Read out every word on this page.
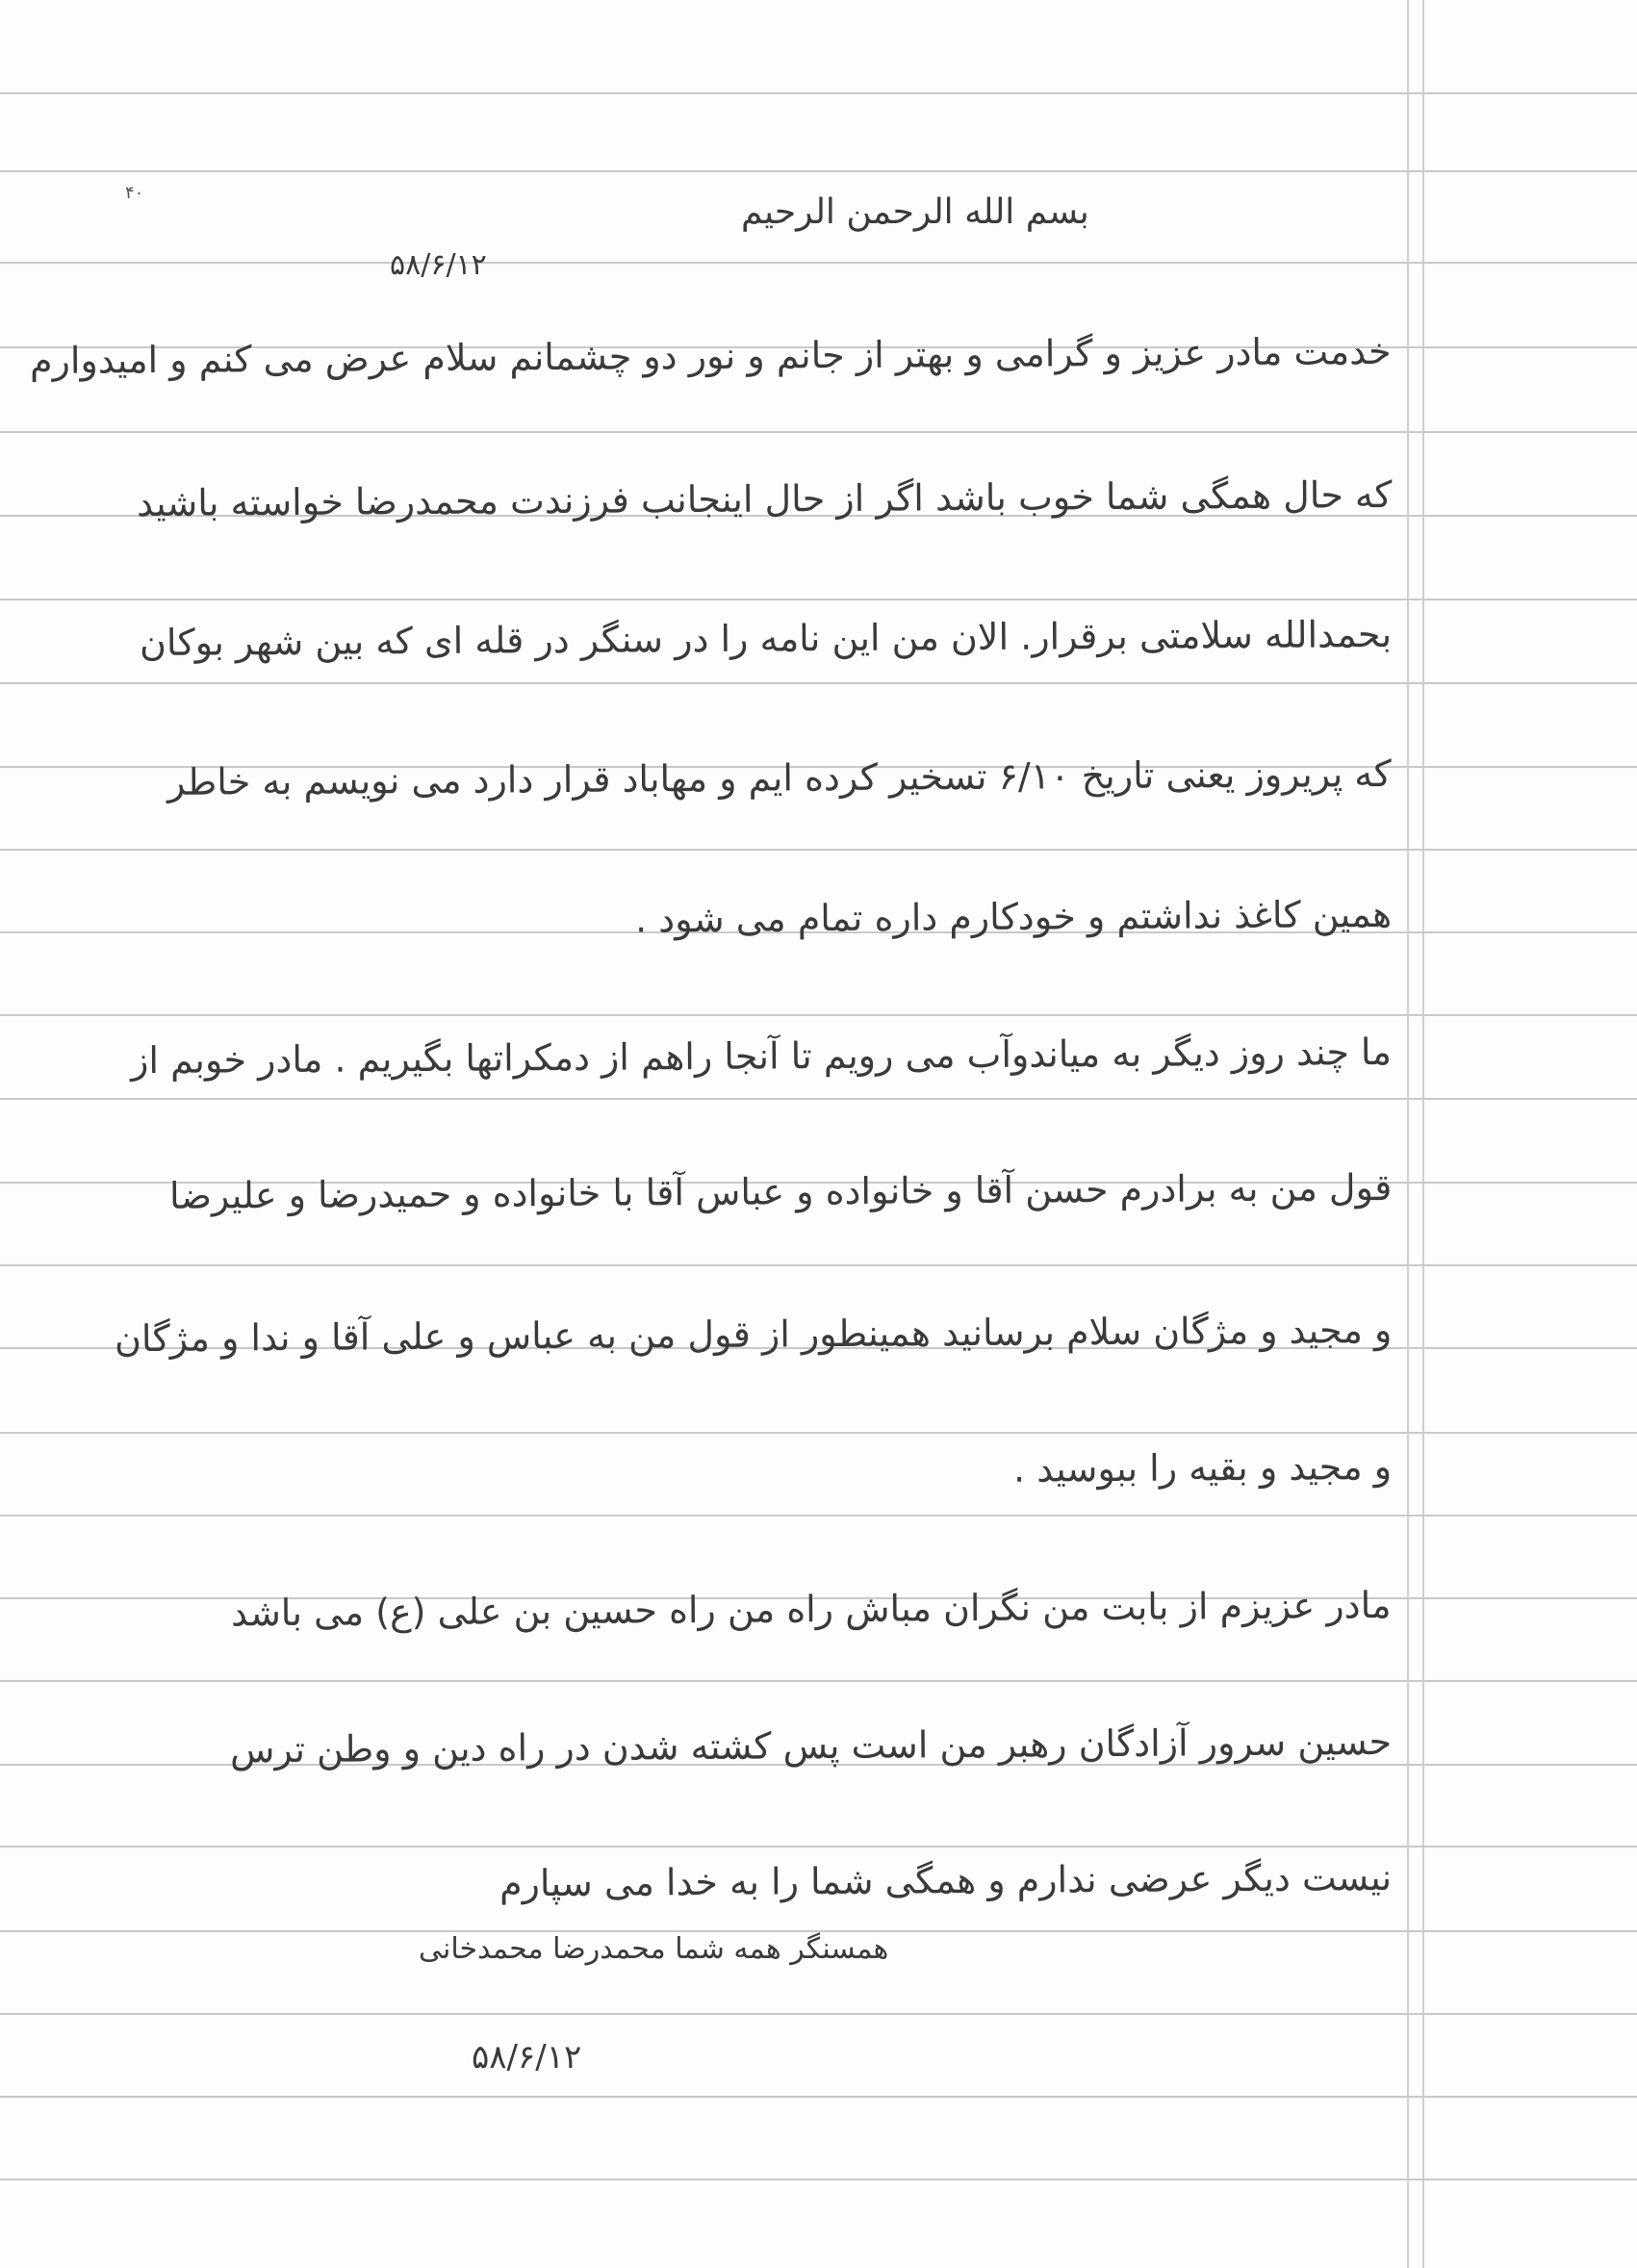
۴۰	بسم الله الرحمن الرحیم
۵۸/۶/۱۲
خدمت مادر عزیز و گرامی و بهتر از جانم و نور دو چشمانم سلام عرض می کنم و امیدوارم
که حال همگی شما خوب باشد اگر از حال اینجانب فرزندت محمدرضا خواسته باشید
بحمدالله سلامتی برقرار. الان من این نامه را در سنگر در قله ای که بین شهر بوکان
که پریروز یعنی تاریخ ۶/۱۰ تسخیر کرده ایم و مهاباد قرار دارد می نویسم به خاطر
همین کاغذ نداشتم و خودکارم داره تمام می شود .
ما چند روز دیگر به میاندوآب می رویم تا آنجا راهم از دمکراتها بگیریم . مادر خوبم از
قول من به برادرم حسن آقا و خانواده و عباس آقا با خانواده و حمیدرضا و علیرضا
و مجید و مژگان سلام برسانید همینطور از قول من به عباس و علی آقا و ندا و مژگان
و مجید و بقیه را ببوسید .
مادر عزیزم از بابت من نگران مباش راه من راه حسین بن علی (ع) می باشد
حسین سرور آزادگان رهبر من است پس کشته شدن در راه دین و وطن ترس
نیست دیگر عرضی ندارم و همگی شما را به خدا می سپارم
همسنگر همه شما محمدرضا محمدخانی
۵۸/۶/۱۲
